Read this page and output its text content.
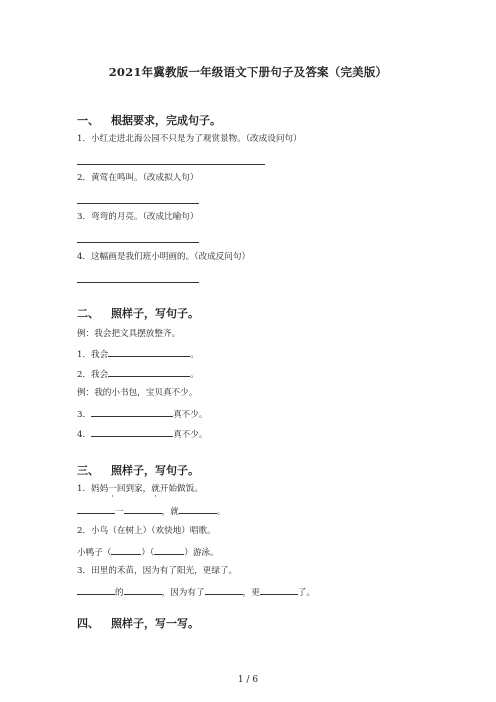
2021年冀教版一年级语文下册句子及答案（完美版）
一、 根据要求，完成句子。
1．小红走进北海公园不只是为了观赏景物。（改成设问句）
2．黄莺在鸣叫。（改成拟人句）
3．弯弯的月亮。（改成比喻句）
4．这幅画是我们班小明画的。（改成反问句）
二、 照样子，写句子。
例：我会把文具摆放整齐。
1．我会	。
2．我会	。
例：我的小书包，宝贝真不少。
3．	真不少。
4．	真不少。
三、 照样子，写句子。
1．妈妈一回到家，就开始做饭。
一	，就	。
2．小鸟（在树上）（欢快地）唱歌。
小鸭子（	）（	）游泳。
3．田里的禾苗，因为有了阳光，更绿了。
的	，因为有了	，更	了。
四、 照样子，写一写。
1 / 6
